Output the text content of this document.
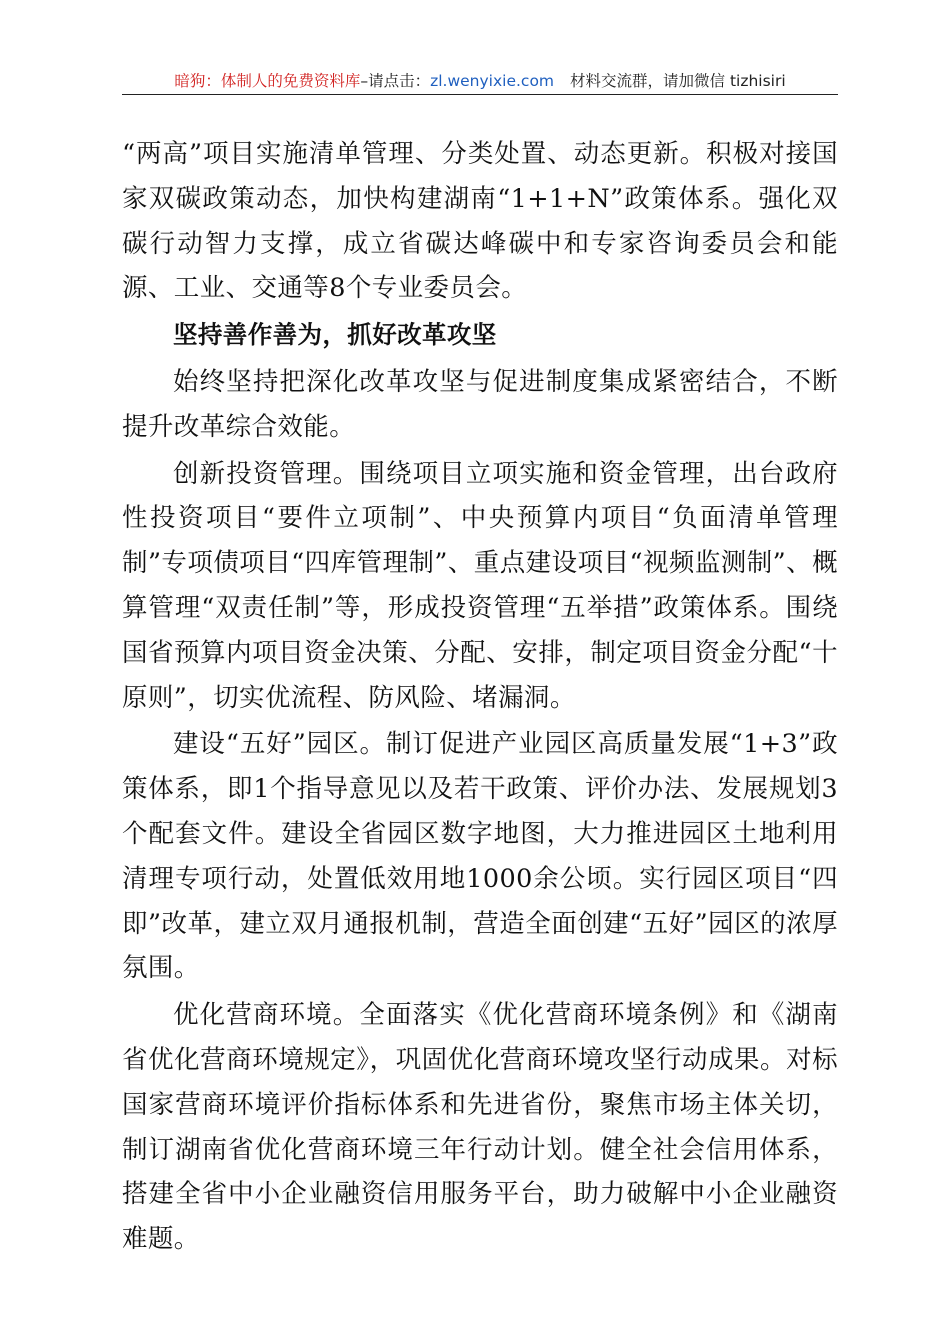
暗狗：体制人的免费资料库–请点击：zl.wenyixie.com 材料交流群，请加微信 tizhisiri

“两高”项目实施清单管理、分类处置、动态更新。积极对接国家双碳政策动态，加快构建湖南“1+1+N”政策体系。强化双碳行动智力支撑，成立省碳达峰碳中和专家咨询委员会和能源、工业、交通等8个专业委员会。

坚持善作善为，抓好改革攻坚

始终坚持把深化改革攻坚与促进制度集成紧密结合，不断提升改革综合效能。

创新投资管理。围绕项目立项实施和资金管理，出台政府性投资项目“要件立项制”、中央预算内项目“负面清单管理制”专项债项目“四库管理制”、重点建设项目“视频监测制”、概算管理“双责任制”等，形成投资管理“五举措”政策体系。围绕国省预算内项目资金决策、分配、安排，制定项目资金分配“十原则”，切实优流程、防风险、堵漏洞。

建设“五好”园区。制订促进产业园区高质量发展“1+3”政策体系，即1个指导意见以及若干政策、评价办法、发展规划3个配套文件。建设全省园区数字地图，大力推进园区土地利用清理专项行动，处置低效用地1000余公顷。实行园区项目“四即”改革，建立双月通报机制，营造全面创建“五好”园区的浓厚氛围。

优化营商环境。全面落实《优化营商环境条例》和《湖南省优化营商环境规定》，巩固优化营商环境攻坚行动成果。对标国家营商环境评价指标体系和先进省份，聚焦市场主体关切，制订湖南省优化营商环境三年行动计划。健全社会信用体系，搭建全省中小企业融资信用服务平台，助力破解中小企业融资难题。
